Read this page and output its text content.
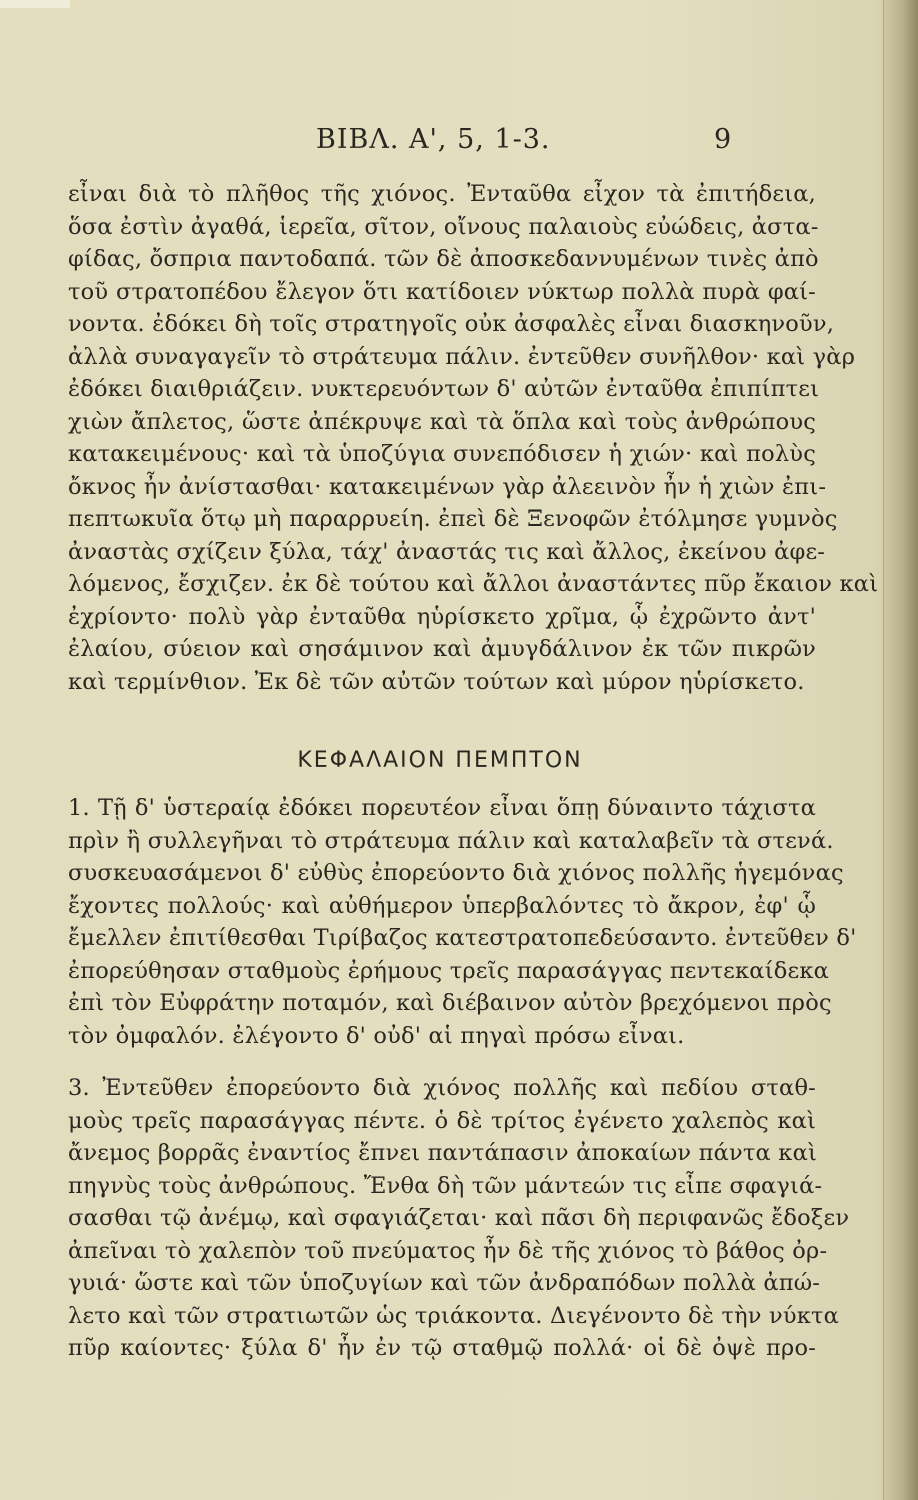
ΒΙΒΛ. Α', 5, 1-3.	9
εἶναι διὰ τὸ πλῆθος τῆς χιόνος. Ἐνταῦθα εἶχον τὰ ἐπιτήδεια,
ὅσα ἐστὶν ἀγαθά, ἱερεῖα, σῖτον, οἴνους παλαιοὺς εὐώδεις, ἀστα-
φίδας, ὄσπρια παντοδαπά. τῶν δὲ ἀποσκεδαννυμένων τινὲς ἀπὸ
τοῦ στρατοπέδου ἔλεγον ὅτι κατίδοιεν νύκτωρ πολλὰ πυρὰ φαί-
νοντα. ἐδόκει δὴ τοῖς στρατηγοῖς οὐκ ἀσφαλὲς εἶναι διασκηνοῦν,
ἀλλὰ συναγαγεῖν τὸ στράτευμα πάλιν. ἐντεῦθεν συνῆλθον· καὶ γὰρ
ἐδόκει διαιθριάζειν. νυκτερευόντων δ' αὐτῶν ἐνταῦθα ἐπιπίπτει
χιὼν ἄπλετος, ὥστε ἀπέκρυψε καὶ τὰ ὅπλα καὶ τοὺς ἀνθρώπους
κατακειμένους· καὶ τὰ ὑποζύγια συνεπόδισεν ἡ χιών· καὶ πολὺς
ὄκνος ἦν ἀνίστασθαι· κατακειμένων γὰρ ἀλεεινὸν ἦν ἡ χιὼν ἐπι-
πεπτωκυῖα ὅτῳ μὴ παραρρυείη. ἐπεὶ δὲ Ξενοφῶν ἐτόλμησε γυμνὸς
ἀναστὰς σχίζειν ξύλα, τάχ' ἀναστάς τις καὶ ἄλλος, ἐκείνου ἀφε-
λόμενος, ἔσχιζεν. ἐκ δὲ τούτου καὶ ἄλλοι ἀναστάντες πῦρ ἔκαιον καὶ
ἐχρίοντο· πολὺ γὰρ ἐνταῦθα ηὑρίσκετο χρῖμα, ᾧ ἐχρῶντο ἀντ'
ἐλαίου, σύειον καὶ σησάμινον καὶ ἀμυγδάλινον ἐκ τῶν πικρῶν
καὶ τερμίνθιον. Ἐκ δὲ τῶν αὐτῶν τούτων καὶ μύρον ηὑρίσκετο.
ΚΕΦΑΛΑΙΟΝ ΠΕΜΠΤΟΝ
1. Τῇ δ' ὑστεραίᾳ ἐδόκει πορευτέον εἶναι ὅπῃ δύναιντο τάχιστα
πρὶν ἢ συλλεγῆναι τὸ στράτευμα πάλιν καὶ καταλαβεῖν τὰ στενά.
συσκευασάμενοι δ' εὐθὺς ἐπορεύοντο διὰ χιόνος πολλῆς ἡγεμόνας
ἔχοντες πολλούς· καὶ αὐθήμερον ὑπερβαλόντες τὸ ἄκρον, ἐφ' ᾧ
ἔμελλεν ἐπιτίθεσθαι Τιρίβαζος κατεστρατοπεδεύσαντο. ἐντεῦθεν δ'
ἐπορεύθησαν σταθμοὺς ἐρήμους τρεῖς παρασάγγας πεντεκαίδεκα
ἐπὶ τὸν Εὐφράτην ποταμόν, καὶ διέβαινον αὐτὸν βρεχόμενοι πρὸς
τὸν ὀμφαλόν. ἐλέγοντο δ' οὐδ' αἱ πηγαὶ πρόσω εἶναι.
3. Ἐντεῦθεν ἐπορεύοντο διὰ χιόνος πολλῆς καὶ πεδίου σταθ-
μοὺς τρεῖς παρασάγγας πέντε. ὁ δὲ τρίτος ἐγένετο χαλεπὸς καὶ
ἄνεμος βορρᾶς ἐναντίος ἔπνει παντάπασιν ἀποκαίων πάντα καὶ
πηγνὺς τοὺς ἀνθρώπους. Ἔνθα δὴ τῶν μάντεών τις εἶπε σφαγιά-
σασθαι τῷ ἀνέμῳ, καὶ σφαγιάζεται· καὶ πᾶσι δὴ περιφανῶς ἔδοξεν
ἀπεῖναι τὸ χαλεπὸν τοῦ πνεύματος ἦν δὲ τῆς χιόνος τὸ βάθος ὀρ-
γυιά· ὥστε καὶ τῶν ὑποζυγίων καὶ τῶν ἀνδραπόδων πολλὰ ἀπώ-
λετο καὶ τῶν στρατιωτῶν ὡς τριάκοντα. Διεγένοντο δὲ τὴν νύκτα
πῦρ καίοντες· ξύλα δ' ἦν ἐν τῷ σταθμῷ πολλά· οἱ δὲ ὀψὲ προ-
